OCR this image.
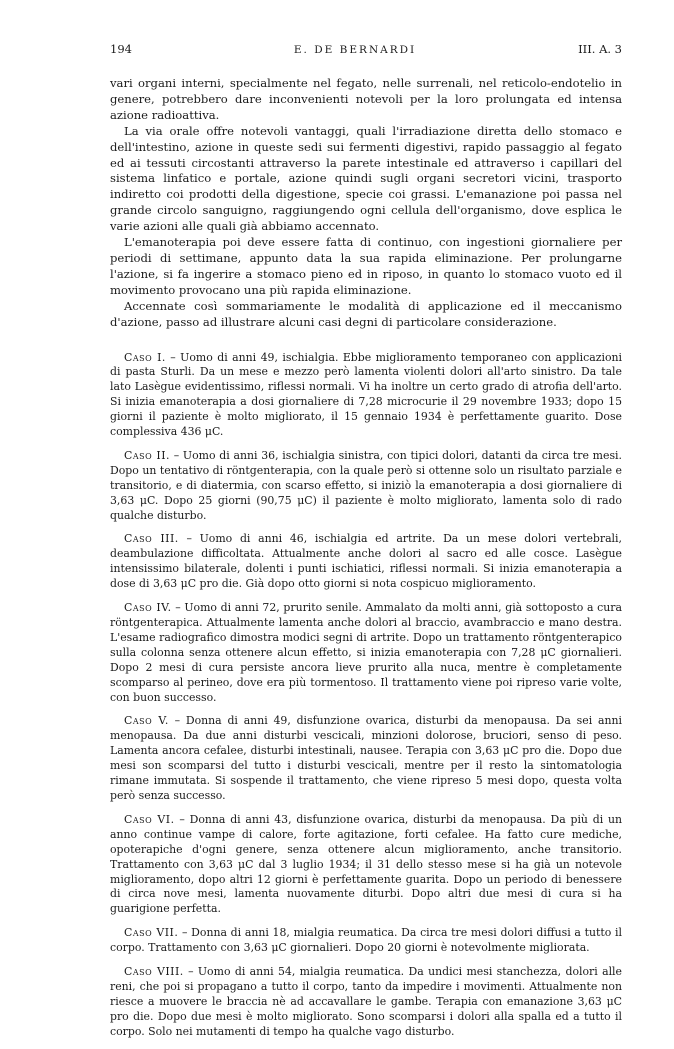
194	E. DE BERNARDI	III. A. 3

vari organi interni, specialmente nel fegato, nelle surrenali, nel reticolo-endotelio in genere, potrebbero dare inconvenienti notevoli per la loro prolungata ed intensa azione radioattiva.

La via orale offre notevoli vantaggi, quali l'irradiazione diretta dello stomaco e dell'intestino, azione in queste sedi sui fermenti digestivi, rapido passaggio al fegato ed ai tessuti circostanti attraverso la parete intestinale ed attraverso i capillari del sistema linfatico e portale, azione quindi sugli organi secretori vicini, trasporto indiretto coi prodotti della digestione, specie coi grassi. L'emanazione poi passa nel grande circolo sanguigno, raggiungendo ogni cellula dell'organismo, dove esplica le varie azioni alle quali già abbiamo accennato.

L'emanoterapia poi deve essere fatta di continuo, con ingestioni giornaliere per periodi di settimane, appunto data la sua rapida eliminazione. Per prolungarne l'azione, si fa ingerire a stomaco pieno ed in riposo, in quanto lo stomaco vuoto ed il movimento provocano una più rapida eliminazione.

Accennate così sommariamente le modalità di applicazione ed il meccanismo d'azione, passo ad illustrare alcuni casi degni di particolare considerazione.

Caso I. – Uomo di anni 49, ischialgia. Ebbe miglioramento temporaneo con applicazioni di pasta Sturli. Da un mese e mezzo però lamenta violenti dolori all'arto sinistro. Da tale lato Lasègue evidentissimo, riflessi normali. Vi ha inoltre un certo grado di atrofia dell'arto. Si inizia emanoterapia a dosi giornaliere di 7,28 microcurie il 29 novembre 1933; dopo 15 giorni il paziente è molto migliorato, il 15 gennaio 1934 è perfettamente guarito. Dose complessiva 436 μC.

Caso II. – Uomo di anni 36, ischialgia sinistra, con tipici dolori, datanti da circa tre mesi. Dopo un tentativo di röntgenterapia, con la quale però si ottenne solo un risultato parziale e transitorio, e di diatermia, con scarso effetto, si iniziò la emanoterapia a dosi giornaliere di 3,63 μC. Dopo 25 giorni (90,75 μC) il paziente è molto migliorato, lamenta solo di rado qualche disturbo.

Caso III. – Uomo di anni 46, ischialgia ed artrite. Da un mese dolori vertebrali, deambulazione difficoltata. Attualmente anche dolori al sacro ed alle cosce. Lasègue intensissimo bilaterale, dolenti i punti ischiatici, riflessi normali. Si inizia emanoterapia a dose di 3,63 μC pro die. Già dopo otto giorni si nota cospicuo miglioramento.

Caso IV. – Uomo di anni 72, prurito senile. Ammalato da molti anni, già sottoposto a cura röntgenterapica. Attualmente lamenta anche dolori al braccio, avambraccio e mano destra. L'esame radiografico dimostra modici segni di artrite. Dopo un trattamento röntgenterapico sulla colonna senza ottenere alcun effetto, si inizia emanoterapia con 7,28 μC giornalieri. Dopo 2 mesi di cura persiste ancora lieve prurito alla nuca, mentre è completamente scomparso al perineo, dove era più tormentoso. Il trattamento viene poi ripreso varie volte, con buon successo.

Caso V. – Donna di anni 49, disfunzione ovarica, disturbi da menopausa. Da sei anni menopausa. Da due anni disturbi vescicali, minzioni dolorose, bruciori, senso di peso. Lamenta ancora cefalee, disturbi intestinali, nausee. Terapia con 3,63 μC pro die. Dopo due mesi son scomparsi del tutto i disturbi vescicali, mentre per il resto la sintomatologia rimane immutata. Si sospende il trattamento, che viene ripreso 5 mesi dopo, questa volta però senza successo.

Caso VI. – Donna di anni 43, disfunzione ovarica, disturbi da menopausa. Da più di un anno continue vampe di calore, forte agitazione, forti cefalee. Ha fatto cure mediche, opoterapiche d'ogni genere, senza ottenere alcun miglioramento, anche transitorio. Trattamento con 3,63 μC dal 3 luglio 1934; il 31 dello stesso mese si ha già un notevole miglioramento, dopo altri 12 giorni è perfettamente guarita. Dopo un periodo di benessere di circa nove mesi, lamenta nuovamente diturbi. Dopo altri due mesi di cura si ha guarigione perfetta.

Caso VII. – Donna di anni 18, mialgia reumatica. Da circa tre mesi dolori diffusi a tutto il corpo. Trattamento con 3,63 μC giornalieri. Dopo 20 giorni è notevolmente migliorata.

Caso VIII. – Uomo di anni 54, mialgia reumatica. Da undici mesi stanchezza, dolori alle reni, che poi si propagano a tutto il corpo, tanto da impedire i movimenti. Attualmente non riesce a muovere le braccia nè ad accavallare le gambe. Terapia con emanazione 3,63 μC pro die. Dopo due mesi è molto migliorato. Sono scomparsi i dolori alla spalla ed a tutto il corpo. Solo nei mutamenti di tempo ha qualche vago disturbo.
